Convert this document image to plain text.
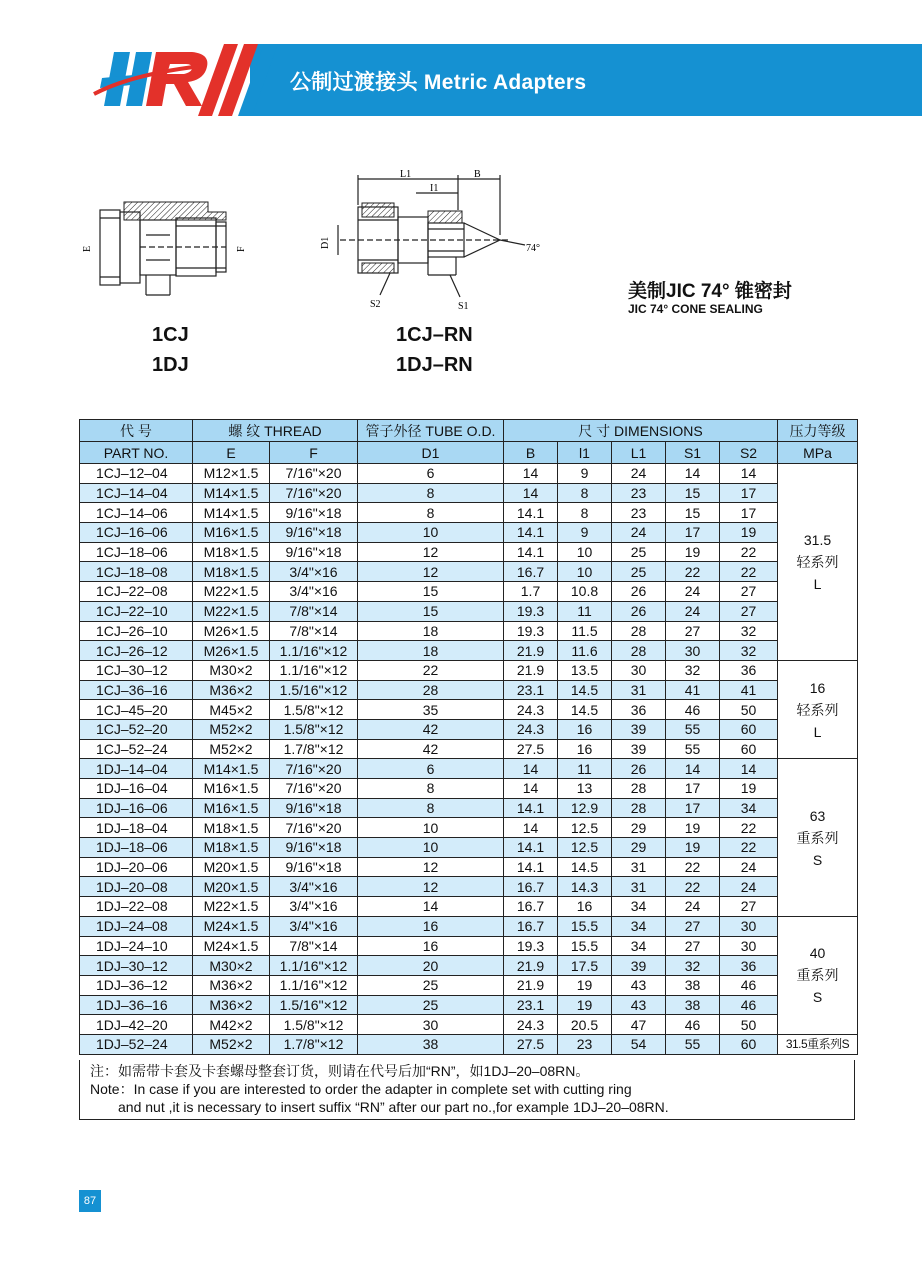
公制过渡接头 Metric Adapters
E	F
L1
I1
B
D1
S2	S1
74°
1CJ
1DJ
1CJ–RN
1DJ–RN
美制JIC 74° 锥密封
JIC 74° CONE SEALING
代 号	螺 纹 THREAD		管子外径 TUBE O.D.	尺 寸 DIMENSIONS					压力等级
PART NO.	E	F	D1	B	l1	L1	S1	S2	MPa
1CJ–12–04	M12×1.5	7/16"×20	6	14	9	24	14	14	31.5
轻系列
L

1CJ–14–04	M14×1.5	7/16"×20	8	14	8	23	15	17	
1CJ–14–06	M14×1.5	9/16"×18	8	14.1	8	23	15	17	
1CJ–16–06	M16×1.5	9/16"×18	10	14.1	9	24	17	19	
1CJ–18–06	M18×1.5	9/16"×18	12	14.1	10	25	19	22	
1CJ–18–08	M18×1.5	3/4"×16	12	16.7	10	25	22	22	
1CJ–22–08	M22×1.5	3/4"×16	15	1.7	10.8	26	24	27	
1CJ–22–10	M22×1.5	7/8"×14	15	19.3	11	26	24	27	
1CJ–26–10	M26×1.5	7/8"×14	18	19.3	11.5	28	27	32	
1CJ–26–12	M26×1.5	1.1/16"×12	18	21.9	11.6	28	30	32	
1CJ–30–12	M30×2	1.1/16"×12	22	21.9	13.5	30	32	36	16
轻系列
L

1CJ–36–16	M36×2	1.5/16"×12	28	23.1	14.5	31	41	41	
1CJ–45–20	M45×2	1.5/8"×12	35	24.3	14.5	36	46	50	
1CJ–52–20	M52×2	1.5/8"×12	42	24.3	16	39	55	60	
1CJ–52–24	M52×2	1.7/8"×12	42	27.5	16	39	55	60	
1DJ–14–04	M14×1.5	7/16"×20	6	14	11	26	14	14	63
重系列
S

1DJ–16–04	M16×1.5	7/16"×20	8	14	13	28	17	19	
1DJ–16–06	M16×1.5	9/16"×18	8	14.1	12.9	28	17	34	
1DJ–18–04	M18×1.5	7/16"×20	10	14	12.5	29	19	22	
1DJ–18–06	M18×1.5	9/16"×18	10	14.1	12.5	29	19	22	
1DJ–20–06	M20×1.5	9/16"×18	12	14.1	14.5	31	22	24	
1DJ–20–08	M20×1.5	3/4"×16	12	16.7	14.3	31	22	24	
1DJ–22–08	M22×1.5	3/4"×16	14	16.7	16	34	24	27	
1DJ–24–08	M24×1.5	3/4"×16	16	16.7	15.5	34	27	30	40
重系列
S

1DJ–24–10	M24×1.5	7/8"×14	16	19.3	15.5	34	27	30	
1DJ–30–12	M30×2	1.1/16"×12	20	21.9	17.5	39	32	36	
1DJ–36–12	M36×2	1.1/16"×12	25	21.9	19	43	38	46	
1DJ–36–16	M36×2	1.5/16"×12	25	23.1	19	43	38	46	
1DJ–42–20	M42×2	1.5/8"×12	30	24.3	20.5	47	46	50	
1DJ–52–24	M52×2	1.7/8"×12	38	27.5	23	54	55	60	31.5重系列S
注：如需带卡套及卡套螺母整套订货，则请在代号后加“RN”，如1DJ–20–08RN。
Note：In case if you are interested to order the adapter in complete set with cutting ring
and nut ,it is necessary to insert suffix “RN” after our part no.,for example 1DJ–20–08RN.
87
